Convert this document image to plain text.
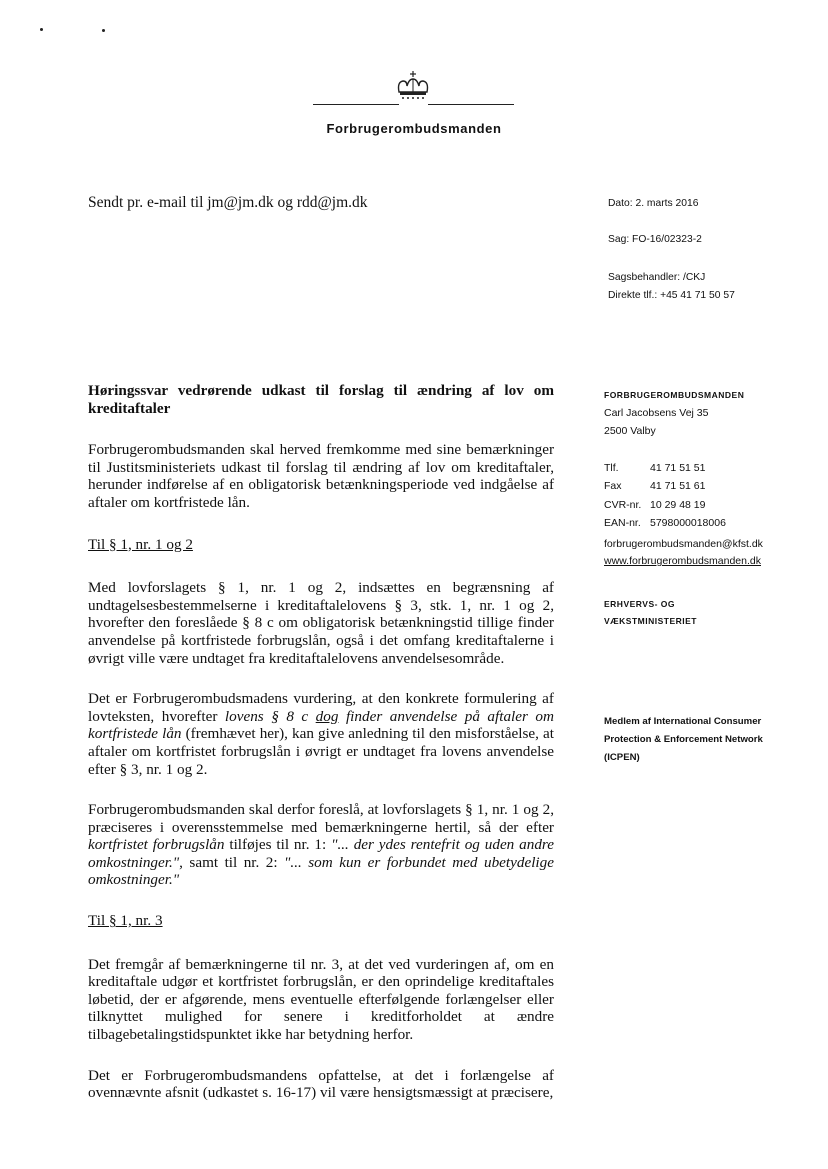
Forbrugerombudsmanden
Sendt pr. e-mail til jm@jm.dk og rdd@jm.dk	Dato: 2. marts 2016
Sag: FO-16/02323-2
Sagsbehandler: /CKJ
Direkte tlf.: +45 41 71 50 57
FORBRUGEROMBUDSMANDEN
Carl Jacobsens Vej 35
2500 Valby
Tlf.	41 71 51 51
Fax	41 71 51 61
CVR-nr. 10 29 48 19
EAN-nr. 5798000018006
forbrugerombudsmanden@kfst.dk
www.forbrugerombudsmanden.dk
ERHVERVS- OG
VÆKSTMINISTERIET
Medlem af International Consumer
Protection & Enforcement Network
(ICPEN)

Høringssvar vedrørende udkast til forslag til ændring af lov om kreditaftaler

Forbrugerombudsmanden skal herved fremkomme med sine bemærkninger til Justitsministeriets udkast til forslag til ændring af lov om kreditaftaler, herunder indførelse af en obligatorisk betænkningsperiode ved indgåelse af aftaler om kortfristede lån.

Til § 1, nr. 1 og 2

Med lovforslagets § 1, nr. 1 og 2, indsættes en begrænsning af undtagelsesbestemmelserne i kreditaftalelovens § 3, stk. 1, nr. 1 og 2, hvorefter den foreslåede § 8 c om obligatorisk betænkningstid tillige finder anvendelse på kortfristede forbrugslån, også i det omfang kreditaftalerne i øvrigt ville være undtaget fra kreditaftalelovens anvendelsesområde.

Det er Forbrugerombudsmadens vurdering, at den konkrete formulering af lovteksten, hvorefter lovens § 8 c dog finder anvendelse på aftaler om kortfristede lån (fremhævet her), kan give anledning til den misforståelse, at aftaler om kortfristet forbrugslån i øvrigt er undtaget fra lovens anvendelse efter § 3, nr. 1 og 2.

Forbrugerombudsmanden skal derfor foreslå, at lovforslagets § 1, nr. 1 og 2, præciseres i overensstemmelse med bemærkningerne hertil, så der efter kortfristet forbrugslån tilføjes til nr. 1: "... der ydes rentefrit og uden andre omkostninger.", samt til nr. 2: "... som kun er forbundet med ubetydelige omkostninger."

Til § 1, nr. 3

Det fremgår af bemærkningerne til nr. 3, at det ved vurderingen af, om en kreditaftale udgør et kortfristet forbrugslån, er den oprindelige kreditaftales løbetid, der er afgørende, mens eventuelle efterfølgende forlængelser eller tilknyttet mulighed for senere i kreditforholdet at ændre tilbagebetalingstidspunktet ikke har betydning herfor.

Det er Forbrugerombudsmandens opfattelse, at det i forlængelse af ovennævnte afsnit (udkastet s. 16-17) vil være hensigtsmæssigt at præcisere,
